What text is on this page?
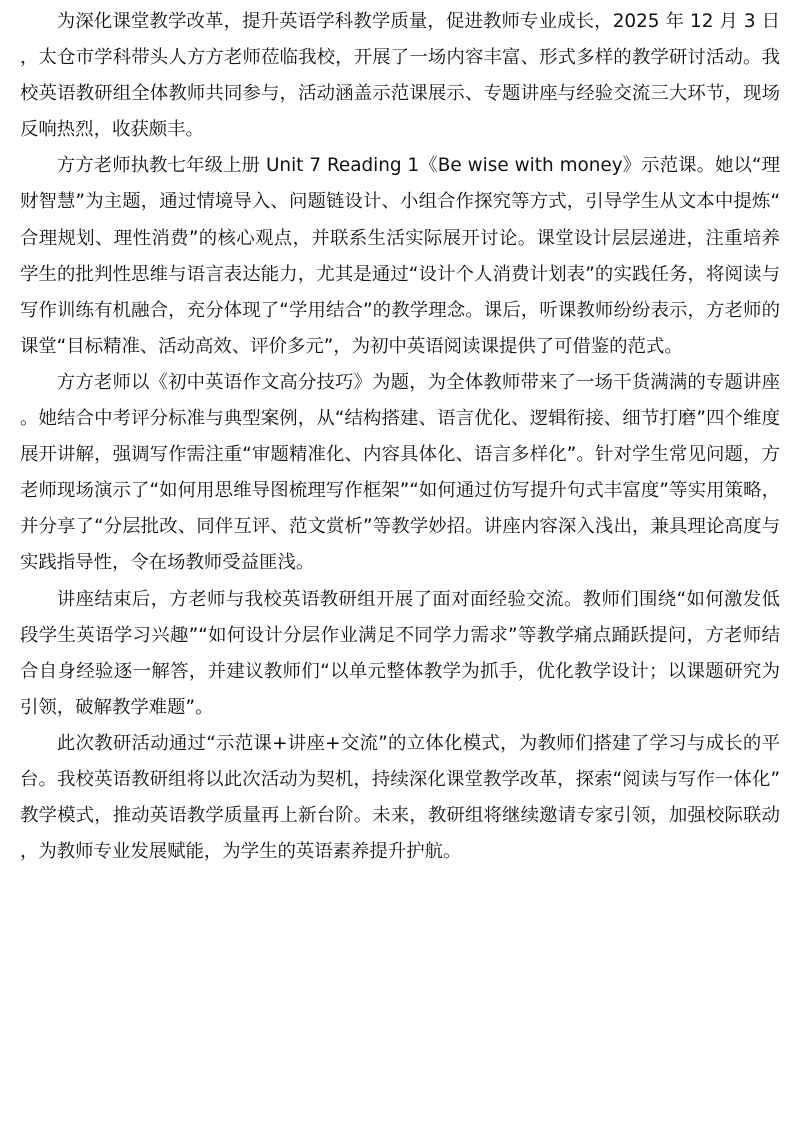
为深化课堂教学改革，提升英语学科教学质量，促进教师专业成长，2025 年 12 月 3 日，太仓市学科带头人方方老师莅临我校，开展了一场内容丰富、形式多样的教学研讨活动。我校英语教研组全体教师共同参与，活动涵盖示范课展示、专题讲座与经验交流三大环节，现场反响热烈，收获颇丰。

方方老师执教七年级上册 Unit 7 Reading 1《Be wise with money》示范课。她以“理财智慧”为主题，通过情境导入、问题链设计、小组合作探究等方式，引导学生从文本中提炼“合理规划、理性消费”的核心观点，并联系生活实际展开讨论。课堂设计层层递进，注重培养学生的批判性思维与语言表达能力，尤其是通过“设计个人消费计划表”的实践任务，将阅读与写作训练有机融合，充分体现了“学用结合”的教学理念。课后，听课教师纷纷表示，方老师的课堂“目标精准、活动高效、评价多元”，为初中英语阅读课提供了可借鉴的范式。

方方老师以《初中英语作文高分技巧》为题，为全体教师带来了一场干货满满的专题讲座。她结合中考评分标准与典型案例，从“结构搭建、语言优化、逻辑衔接、细节打磨”四个维度展开讲解，强调写作需注重“审题精准化、内容具体化、语言多样化”。针对学生常见问题，方老师现场演示了“如何用思维导图梳理写作框架”“如何通过仿写提升句式丰富度”等实用策略，并分享了“分层批改、同伴互评、范文赏析”等教学妙招。讲座内容深入浅出，兼具理论高度与实践指导性，令在场教师受益匪浅。

讲座结束后，方老师与我校英语教研组开展了面对面经验交流。教师们围绕“如何激发低段学生英语学习兴趣”“如何设计分层作业满足不同学力需求”等教学痛点踊跃提问，方老师结合自身经验逐一解答，并建议教师们“以单元整体教学为抓手，优化教学设计；以课题研究为引领，破解教学难题”。

此次教研活动通过“示范课+讲座+交流”的立体化模式，为教师们搭建了学习与成长的平台。我校英语教研组将以此次活动为契机，持续深化课堂教学改革，探索“阅读与写作一体化”教学模式，推动英语教学质量再上新台阶。未来，教研组将继续邀请专家引领，加强校际联动，为教师专业发展赋能，为学生的英语素养提升护航。
